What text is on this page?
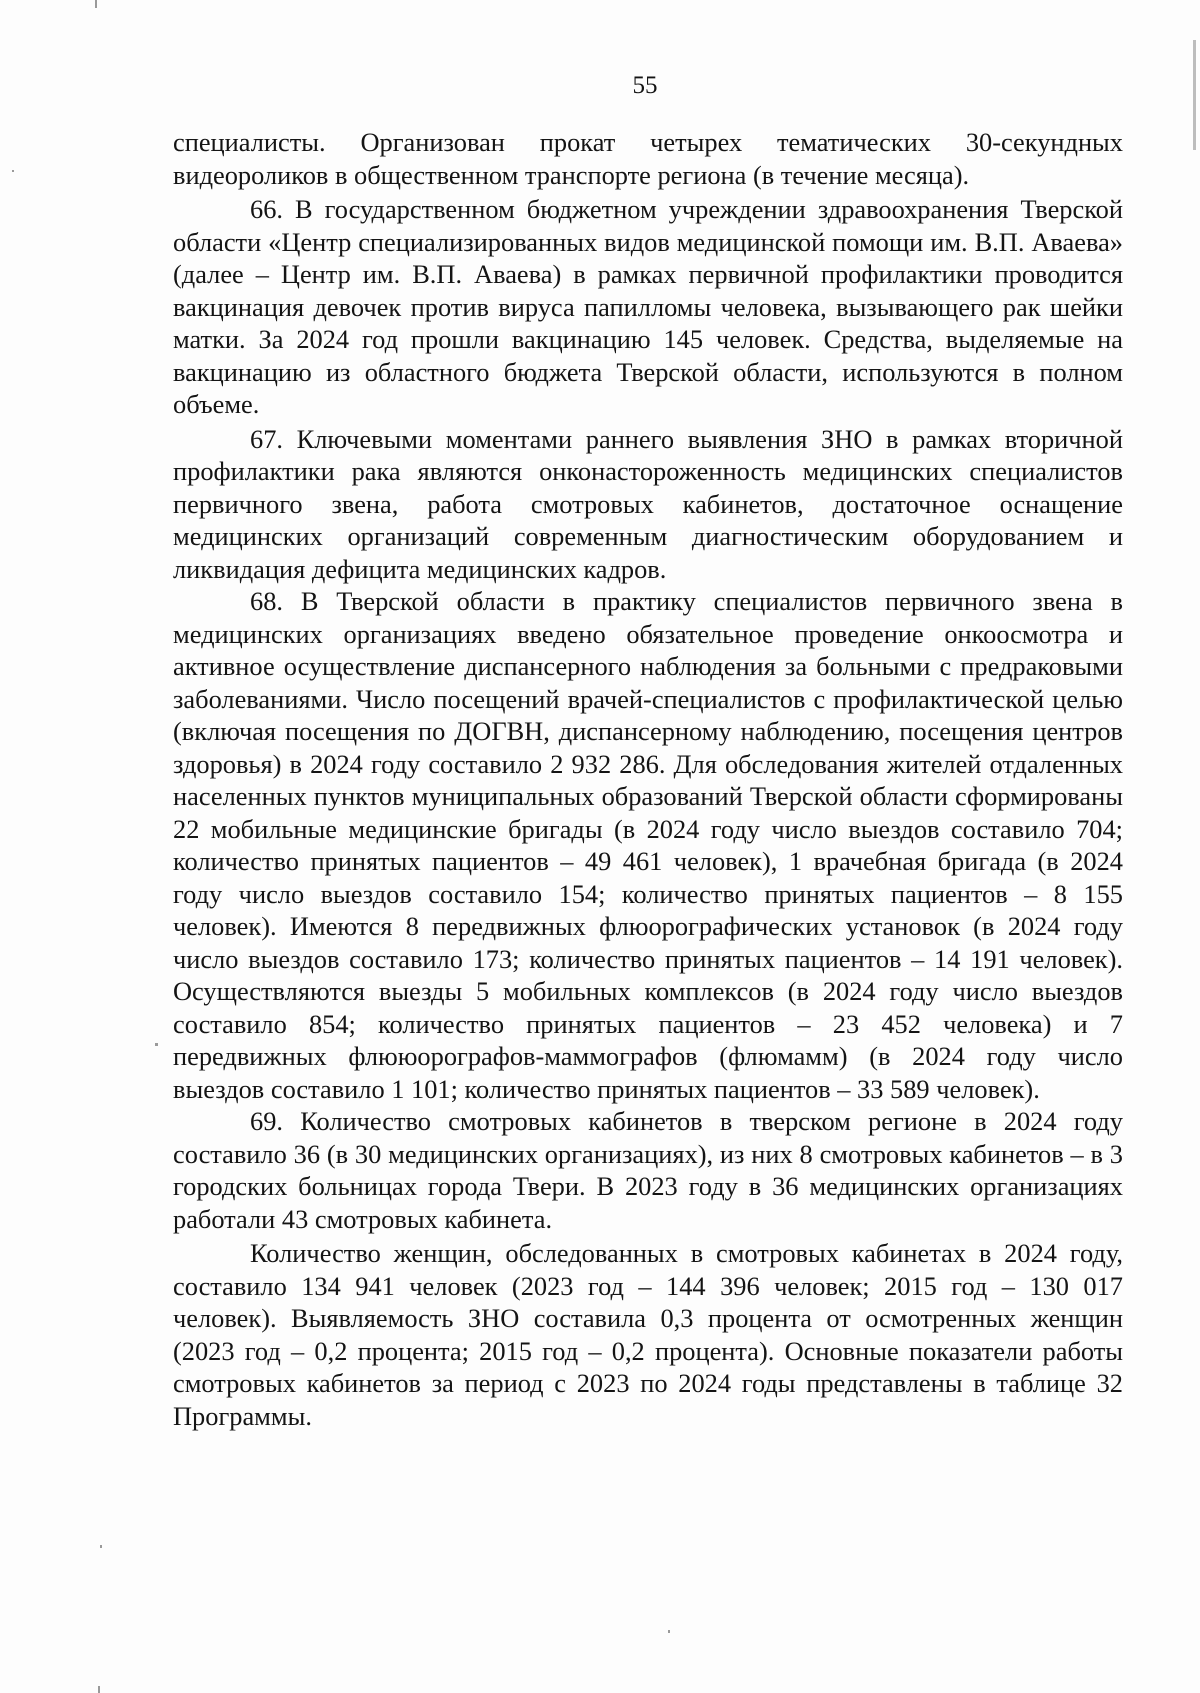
55

специалисты. Организован прокат четырех тематических 30-секундных видеороликов в общественном транспорте региона (в течение месяца).

66. В государственном бюджетном учреждении здравоохранения Тверской области «Центр специализированных видов медицинской помощи им. В.П. Аваева» (далее – Центр им. В.П. Аваева) в рамках первичной профилактики проводится вакцинация девочек против вируса папилломы человека, вызывающего рак шейки матки. За 2024 год прошли вакцинацию 145 человек. Средства, выделяемые на вакцинацию из областного бюджета Тверской области, используются в полном объеме.

67. Ключевыми моментами раннего выявления ЗНО в рамках вторичной профилактики рака являются онконастороженность медицинских специалистов первичного звена, работа смотровых кабинетов, достаточное оснащение медицинских организаций современным диагностическим оборудованием и ликвидация дефицита медицинских кадров.

68. В Тверской области в практику специалистов первичного звена в медицинских организациях введено обязательное проведение онкоосмотра и активное осуществление диспансерного наблюдения за больными с предраковыми заболеваниями. Число посещений врачей-специалистов с профилактической целью (включая посещения по ДОГВН, диспансерному наблюдению, посещения центров здоровья) в 2024 году составило 2 932 286. Для обследования жителей отдаленных населенных пунктов муниципальных образований Тверской области сформированы 22 мобильные медицинские бригады (в 2024 году число выездов составило 704; количество принятых пациентов – 49 461 человек), 1 врачебная бригада (в 2024 году число выездов составило 154; количество принятых пациентов – 8 155 человек). Имеются 8 передвижных флюорографических установок (в 2024 году число выездов составило 173; количество принятых пациентов – 14 191 человек). Осуществляются выезды 5 мобильных комплексов (в 2024 году число выездов составило 854; количество принятых пациентов – 23 452 человека) и 7 передвижных флююорографов-маммографов (флюмамм) (в 2024 году число выездов составило 1 101; количество принятых пациентов – 33 589 человек).

69. Количество смотровых кабинетов в тверском регионе в 2024 году составило 36 (в 30 медицинских организациях), из них 8 смотровых кабинетов – в 3 городских больницах города Твери. В 2023 году в 36 медицинских организациях работали 43 смотровых кабинета.

Количество женщин, обследованных в смотровых кабинетах в 2024 году, составило 134 941 человек (2023 год – 144 396 человек; 2015 год – 130 017 человек). Выявляемость ЗНО составила 0,3 процента от осмотренных женщин (2023 год – 0,2 процента; 2015 год – 0,2 процента). Основные показатели работы смотровых кабинетов за период с 2023 по 2024 годы представлены в таблице 32 Программы.
